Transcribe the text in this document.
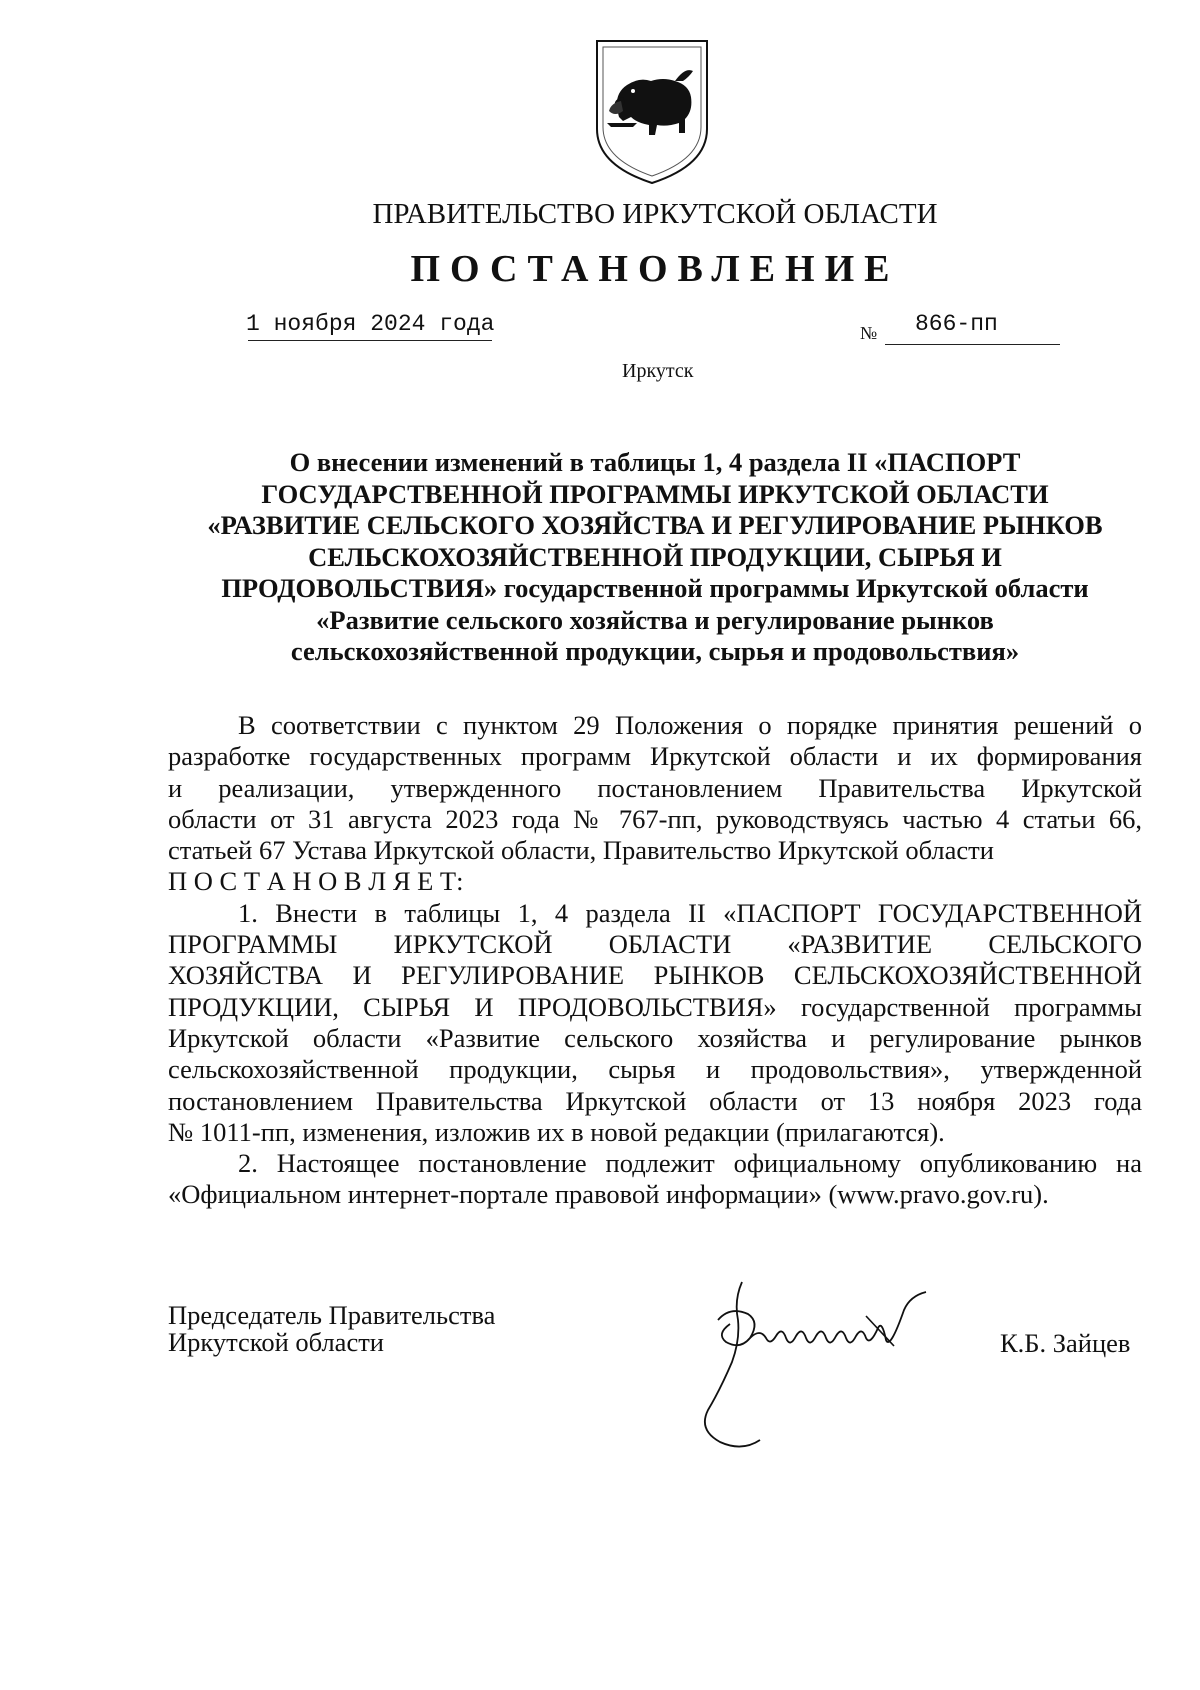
ПРАВИТЕЛЬСТВО ИРКУТСКОЙ ОБЛАСТИ
ПОСТАНОВЛЕНИЕ
1 ноября 2024 года	№ 866-пп
Иркутск
О внесении изменений в таблицы 1, 4 раздела II «ПАСПОРТ
ГОСУДАРСТВЕННОЙ ПРОГРАММЫ ИРКУТСКОЙ ОБЛАСТИ
«РАЗВИТИЕ СЕЛЬСКОГО ХОЗЯЙСТВА И РЕГУЛИРОВАНИЕ РЫНКОВ
СЕЛЬСКОХОЗЯЙСТВЕННОЙ ПРОДУКЦИИ, СЫРЬЯ И
ПРОДОВОЛЬСТВИЯ» государственной программы Иркутской области
«Развитие сельского хозяйства и регулирование рынков
сельскохозяйственной продукции, сырья и продовольствия»
В соответствии с пунктом 29 Положения о порядке принятия решений о
разработке государственных программ Иркутской области и их формирования
и реализации, утвержденного постановлением Правительства Иркутской
области от 31 августа 2023 года № 767-пп, руководствуясь частью 4 статьи 66,
статьей 67 Устава Иркутской области, Правительство Иркутской области
П О С Т А Н О В Л Я Е Т:
1. Внести в таблицы 1, 4 раздела II «ПАСПОРТ ГОСУДАРСТВЕННОЙ
ПРОГРАММЫ ИРКУТСКОЙ ОБЛАСТИ «РАЗВИТИЕ СЕЛЬСКОГО
ХОЗЯЙСТВА И РЕГУЛИРОВАНИЕ РЫНКОВ СЕЛЬСКОХОЗЯЙСТВЕННОЙ
ПРОДУКЦИИ, СЫРЬЯ И ПРОДОВОЛЬСТВИЯ» государственной программы
Иркутской области «Развитие сельского хозяйства и регулирование рынков
сельскохозяйственной продукции, сырья и продовольствия», утвержденной
постановлением Правительства Иркутской области от 13 ноября 2023 года
№ 1011-пп, изменения, изложив их в новой редакции (прилагаются).
2. Настоящее постановление подлежит официальному опубликованию на
«Официальном интернет-портале правовой информации» (www.pravo.gov.ru).
Председатель Правительства
Иркутской области	К.Б. Зайцев
